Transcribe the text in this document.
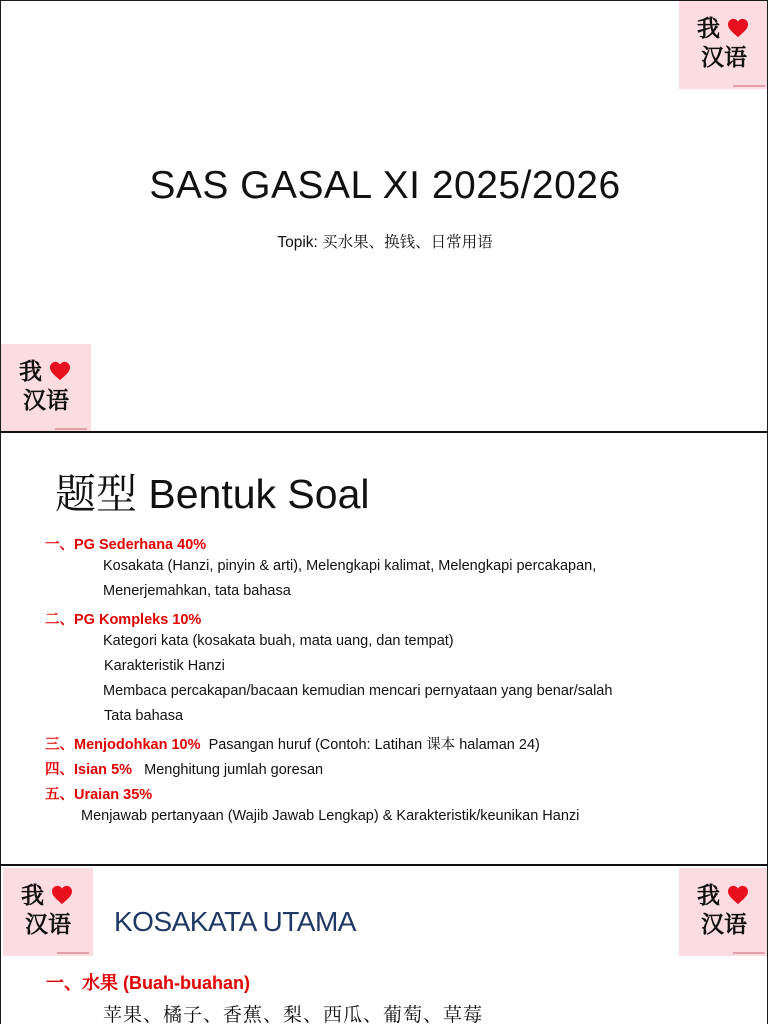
我
汉语
SAS GASAL XI 2025/2026
Topik: 买水果、换钱、日常用语
我
汉语
题型 Bentuk Soal
一、PG Sederhana 40%
Kosakata (Hanzi, pinyin & arti), Melengkapi kalimat, Melengkapi percakapan,
Menerjemahkan, tata bahasa
二、PG Kompleks 10%
Kategori kata (kosakata buah, mata uang, dan tempat)
Karakteristik Hanzi
Membaca percakapan/bacaan kemudian mencari pernyataan yang benar/salah
Tata bahasa
三、Menjodohkan 10% Pasangan huruf (Contoh: Latihan 课本 halaman 24)
四、Isian 5% Menghitung jumlah goresan
五、Uraian 35%
Menjawab pertanyaan (Wajib Jawab Lengkap) & Karakteristik/keunikan Hanzi
我
汉语	KOSAKATA UTAMA
我
汉语
一、水果 (Buah-buahan)
苹果、橘子、香蕉、梨、西瓜、葡萄、草莓
